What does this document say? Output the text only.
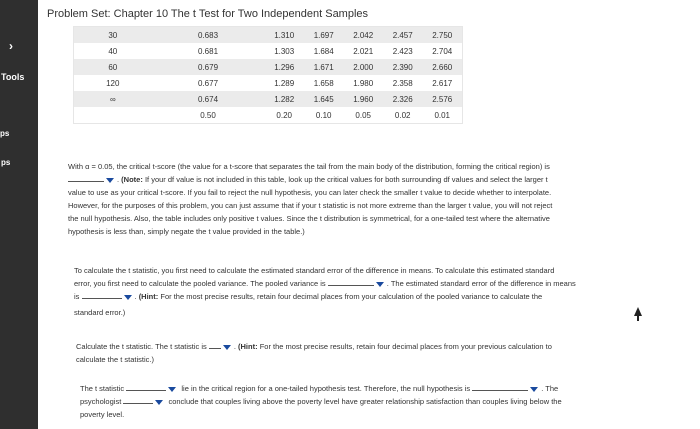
›
Tools
ps
ps
Problem Set: Chapter 10 The t Test for Two Independent Samples
30	0.683	1.310	1.697	2.042	2.457	2.750
40	0.681	1.303	1.684	2.021	2.423	2.704
60	0.679	1.296	1.671	2.000	2.390	2.660
120	0.677	1.289	1.658	1.980	2.358	2.617
∞	0.674	1.282	1.645	1.960	2.326	2.576
	0.50	0.20	0.10	0.05	0.02	0.01
With α = 0.05, the critical t-score (the value for a t-score that separates the tail from the main body of the distribution, forming the critical region) is
. (Note: If your df value is not included in this table, look up the critical values for both surrounding df values and select the larger t
value to use as your critical t-score. If you fail to reject the null hypothesis, you can later check the smaller t value to decide whether to interpolate.
However, for the purposes of this problem, you can just assume that if your t statistic is not more extreme than the larger t value, you will not reject
the null hypothesis. Also, the table includes only positive t values. Since the t distribution is symmetrical, for a one-tailed test where the alternative
hypothesis is less than, simply negate the t value provided in the table.)
To calculate the t statistic, you first need to calculate the estimated standard error of the difference in means. To calculate this estimated standard
error, you first need to calculate the pooled variance. The pooled variance is	. The estimated standard error of the difference in means
is	. (Hint: For the most precise results, retain four decimal places from your calculation of the pooled variance to calculate the
standard error.)
Calculate the t statistic. The t statistic is	. (Hint: For the most precise results, retain four decimal places from your previous calculation to
calculate the t statistic.)
The t statistic	lie in the critical region for a one-tailed hypothesis test. Therefore, the null hypothesis is	. The
psychologist	conclude that couples living above the poverty level have greater relationship satisfaction than couples living below the
poverty level.
